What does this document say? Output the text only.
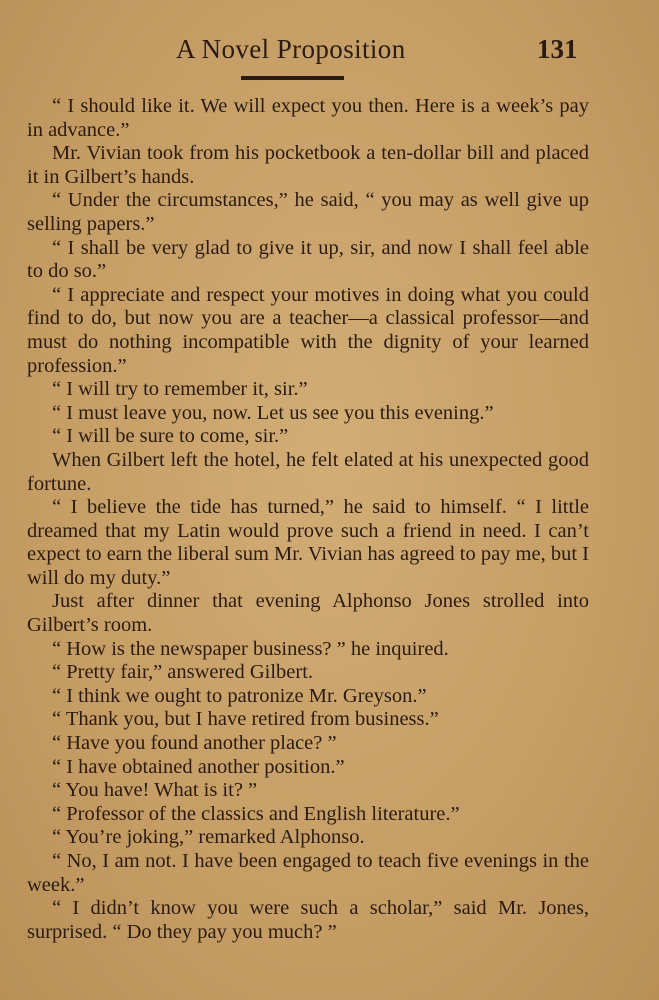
A Novel Proposition	131

“ I should like it. We will expect you then. Here is a week’s pay in advance.”

Mr. Vivian took from his pocketbook a ten-dollar bill and placed it in Gilbert’s hands.

“ Under the circumstances,” he said, “ you may as well give up selling papers.”

“ I shall be very glad to give it up, sir, and now I shall feel able to do so.”

“ I appreciate and respect your motives in doing what you could find to do, but now you are a teacher—a classical professor—and must do nothing incompatible with the dignity of your learned profession.”

“ I will try to remember it, sir.”

“ I must leave you, now. Let us see you this evening.”

“ I will be sure to come, sir.”

When Gilbert left the hotel, he felt elated at his unexpected good fortune.

“ I believe the tide has turned,” he said to himself. “ I little dreamed that my Latin would prove such a friend in need. I can’t expect to earn the liberal sum Mr. Vivian has agreed to pay me, but I will do my duty.”

Just after dinner that evening Alphonso Jones strolled into Gilbert’s room.

“ How is the newspaper business? ” he inquired.

“ Pretty fair,” answered Gilbert.

“ I think we ought to patronize Mr. Greyson.”

“ Thank you, but I have retired from business.”

“ Have you found another place? ”

“ I have obtained another position.”

“ You have! What is it? ”

“ Professor of the classics and English literature.”

“ You’re joking,” remarked Alphonso.

“ No, I am not. I have been engaged to teach five evenings in the week.”

“ I didn’t know you were such a scholar,” said Mr. Jones, surprised. “ Do they pay you much? ”
